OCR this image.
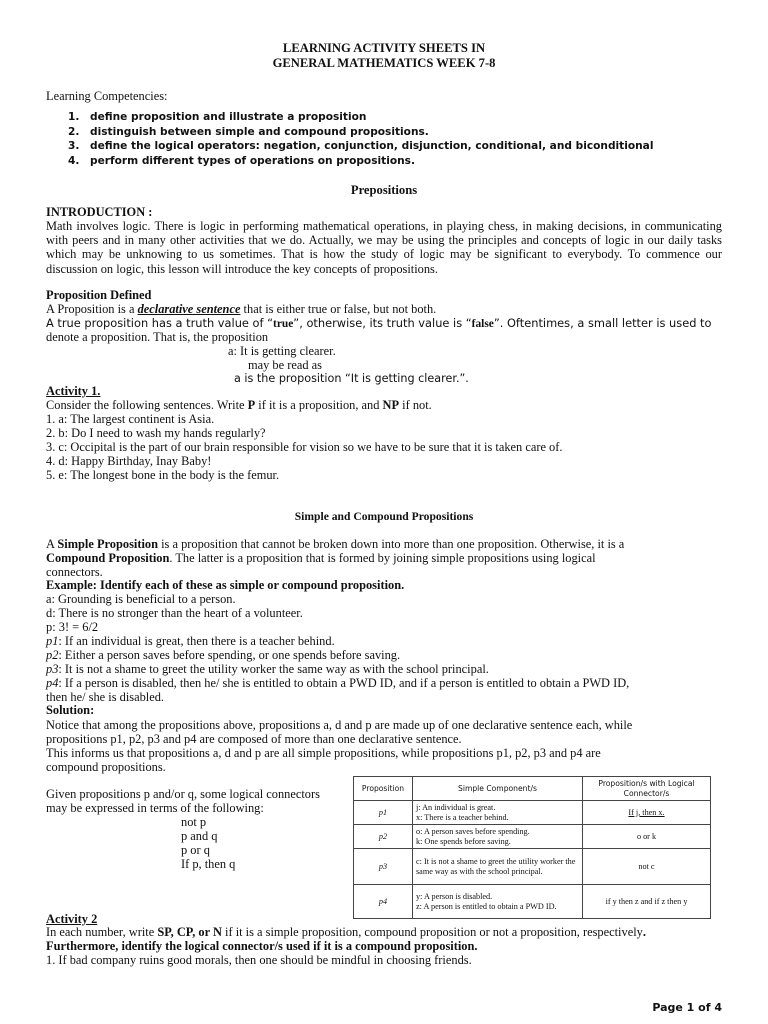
LEARNING ACTIVITY SHEETS IN
GENERAL MATHEMATICS WEEK 7-8
Learning Competencies:
1. define proposition and illustrate a proposition
2. distinguish between simple and compound propositions.
3. define the logical operators: negation, conjunction, disjunction, conditional, and biconditional
4. perform different types of operations on propositions.
Prepositions
INTRODUCTION :
Math involves logic. There is logic in performing mathematical operations, in playing chess, in making decisions, in communicating with peers and in many other activities that we do. Actually, we may be using the principles and concepts of logic in our daily tasks which may be unknowing to us sometimes. That is how the study of logic may be significant to everybody. To commence our discussion on logic, this lesson will introduce the key concepts of propositions.
Proposition Defined
A Proposition is a declarative sentence that is either true or false, but not both.
A true proposition has a truth value of “true”, otherwise, its truth value is “false”. Oftentimes, a small letter is used to
denote a proposition. That is, the proposition
a: It is getting clearer.
may be read as
a is the proposition “It is getting clearer.”.
Activity 1.
Consider the following sentences. Write P if it is a proposition, and NP if not.
1. a: The largest continent is Asia.
2. b: Do I need to wash my hands regularly?
3. c: Occipital is the part of our brain responsible for vision so we have to be sure that it is taken care of.
4. d: Happy Birthday, Inay Baby!
5. e: The longest bone in the body is the femur.
Simple and Compound Propositions
A Simple Proposition is a proposition that cannot be broken down into more than one proposition. Otherwise, it is a
Compound Proposition. The latter is a proposition that is formed by joining simple propositions using logical
connectors.
Example: Identify each of these as simple or compound proposition.
a: Grounding is beneficial to a person.
d: There is no stronger than the heart of a volunteer.
p: 3! = 6/2
p1: If an individual is great, then there is a teacher behind.
p2: Either a person saves before spending, or one spends before saving.
p3: It is not a shame to greet the utility worker the same way as with the school principal.
p4: If a person is disabled, then he/ she is entitled to obtain a PWD ID, and if a person is entitled to obtain a PWD ID,
then he/ she is disabled.
Solution:
Notice that among the propositions above, propositions a, d and p are made up of one declarative sentence each, while
propositions p1, p2, p3 and p4 are composed of more than one declarative sentence.
This informs us that propositions a, d and p are all simple propositions, while propositions p1, p2, p3 and p4 are
compound propositions.
Given propositions p and/or q, some logical connectors
may be expressed in terms of the following:
not p
p and q
p or q
If p, then q
Proposition	Simple Component/s	Proposition/s with Logical Connector/s
p1	j: An individual is great.
x: There is a teacher behind.	If j, then x.
p2	o: A person saves before spending.
k: One spends before saving.	o or k
p3	c: It is not a shame to greet the utility worker the same way as with the school principal.	not c
p4	y: A person is disabled.
z: A person is entitled to obtain a PWD ID.	if y then z and if z then y
Activity 2
In each number, write SP, CP, or N if it is a simple proposition, compound proposition or not a proposition, respectively.
Furthermore, identify the logical connector/s used if it is a compound proposition.
1. If bad company ruins good morals, then one should be mindful in choosing friends.
Page 1 of 4
